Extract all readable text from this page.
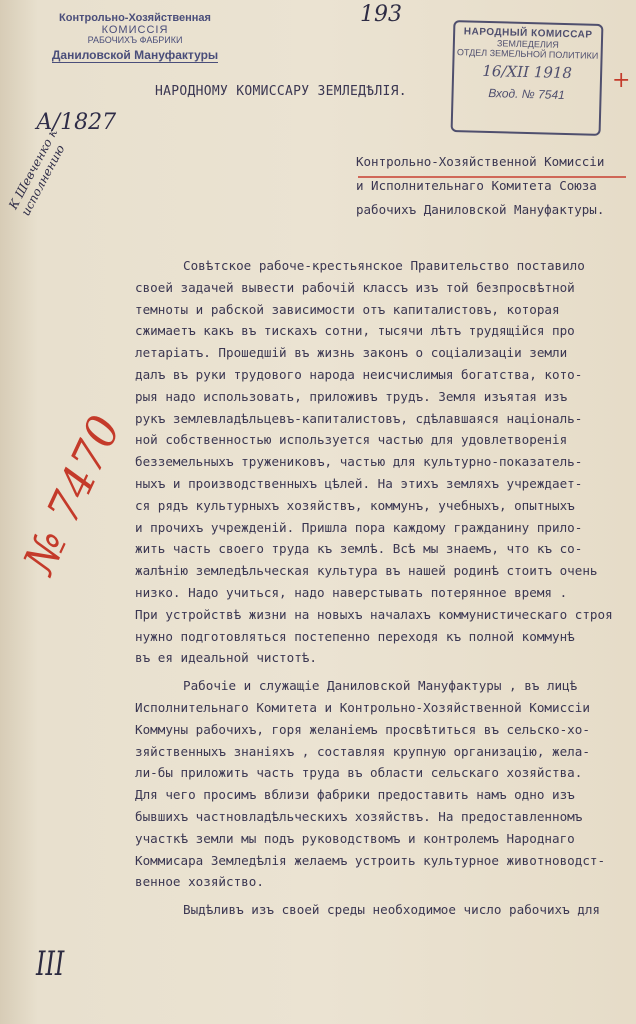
Контрольно-Хозяйственная
КОМИССІЯ
РАБОЧИХЪ ФАБРИКИ
Даниловской Мануфактуры
193
НАРОДНЫЙ КОМИССАР
ЗЕМЛЕДЕЛИЯ
ОТДЕЛ ЗЕМЕЛЬНОЙ ПОЛИТИКИ
16/XII 1918
Вход. № 7541
+
А/1827
К Шевченко к исполнению
№ 7470
НАРОДНОМУ КОМИССАРУ ЗЕМЛЕДѢЛІЯ.
Контрольно-Хозяйственной Комиссіи
и Исполнительнаго Комитета Союза
рабочихъ Даниловской Мануфактуры.
Совѣтское рабоче-крестьянское Правительство поставило
своей задачей вывести рабочій классъ изъ той безпросвѣтной
темноты и рабской зависимости отъ капиталистовъ, которая
сжимаетъ какъ въ тискахъ сотни, тысячи лѣтъ трудящійся про
летаріатъ. Прошедшій въ жизнь законъ о соціализаціи земли
далъ въ руки трудового народа неисчислимыя богатства, кото-
рыя надо использовать, приложивъ трудъ. Земля изъятая изъ
рукъ землевладѣльцевъ-капиталистовъ, сдѣлавшаяся національ-
ной собственностью используется частью для удовлетворенія
безземельныхъ тружениковъ, частью для культурно-показатель-
ныхъ и производственныхъ цѣлей. На этихъ земляхъ учреждает-
ся рядъ культурныхъ хозяйствъ, коммунъ, учебныхъ, опытныхъ
и прочихъ учрежденій. Пришла пора каждому гражданину прило-
жить часть своего труда къ землѣ. Всѣ мы знаемъ, что къ со-
жалѣнію земледѣльческая культура въ нашей родинѣ стоитъ очень
низко. Надо учиться, надо наверстывать потерянное время .
При устройствѣ жизни на новыхъ началахъ коммунистическаго строя
нужно подготовляться постепенно переходя къ полной коммунѣ
въ ея идеальной чистотѣ.
Рабочіе и служащіе Даниловской Мануфактуры , въ лицѣ
Исполнительнаго Комитета и Контрольно-Хозяйственной Комиссіи
Коммуны рабочихъ, горя желаніемъ просвѣтиться въ сельско-хо-
зяйственныхъ знаніяхъ , составляя крупную организацію, жела-
ли-бы приложить часть труда въ области сельскаго хозяйства.
Для чего просимъ вблизи фабрики предоставить намъ одно изъ
бывшихъ частновладѣльческихъ хозяйствъ. На предоставленномъ
участкѣ земли мы подъ руководствомъ и контролемъ Народнаго
Коммисара Земледѣлія желаемъ устроить культурное животноводст-
венное хозяйство.
Выдѣливъ изъ своей среды необходимое число рабочихъ для
III
